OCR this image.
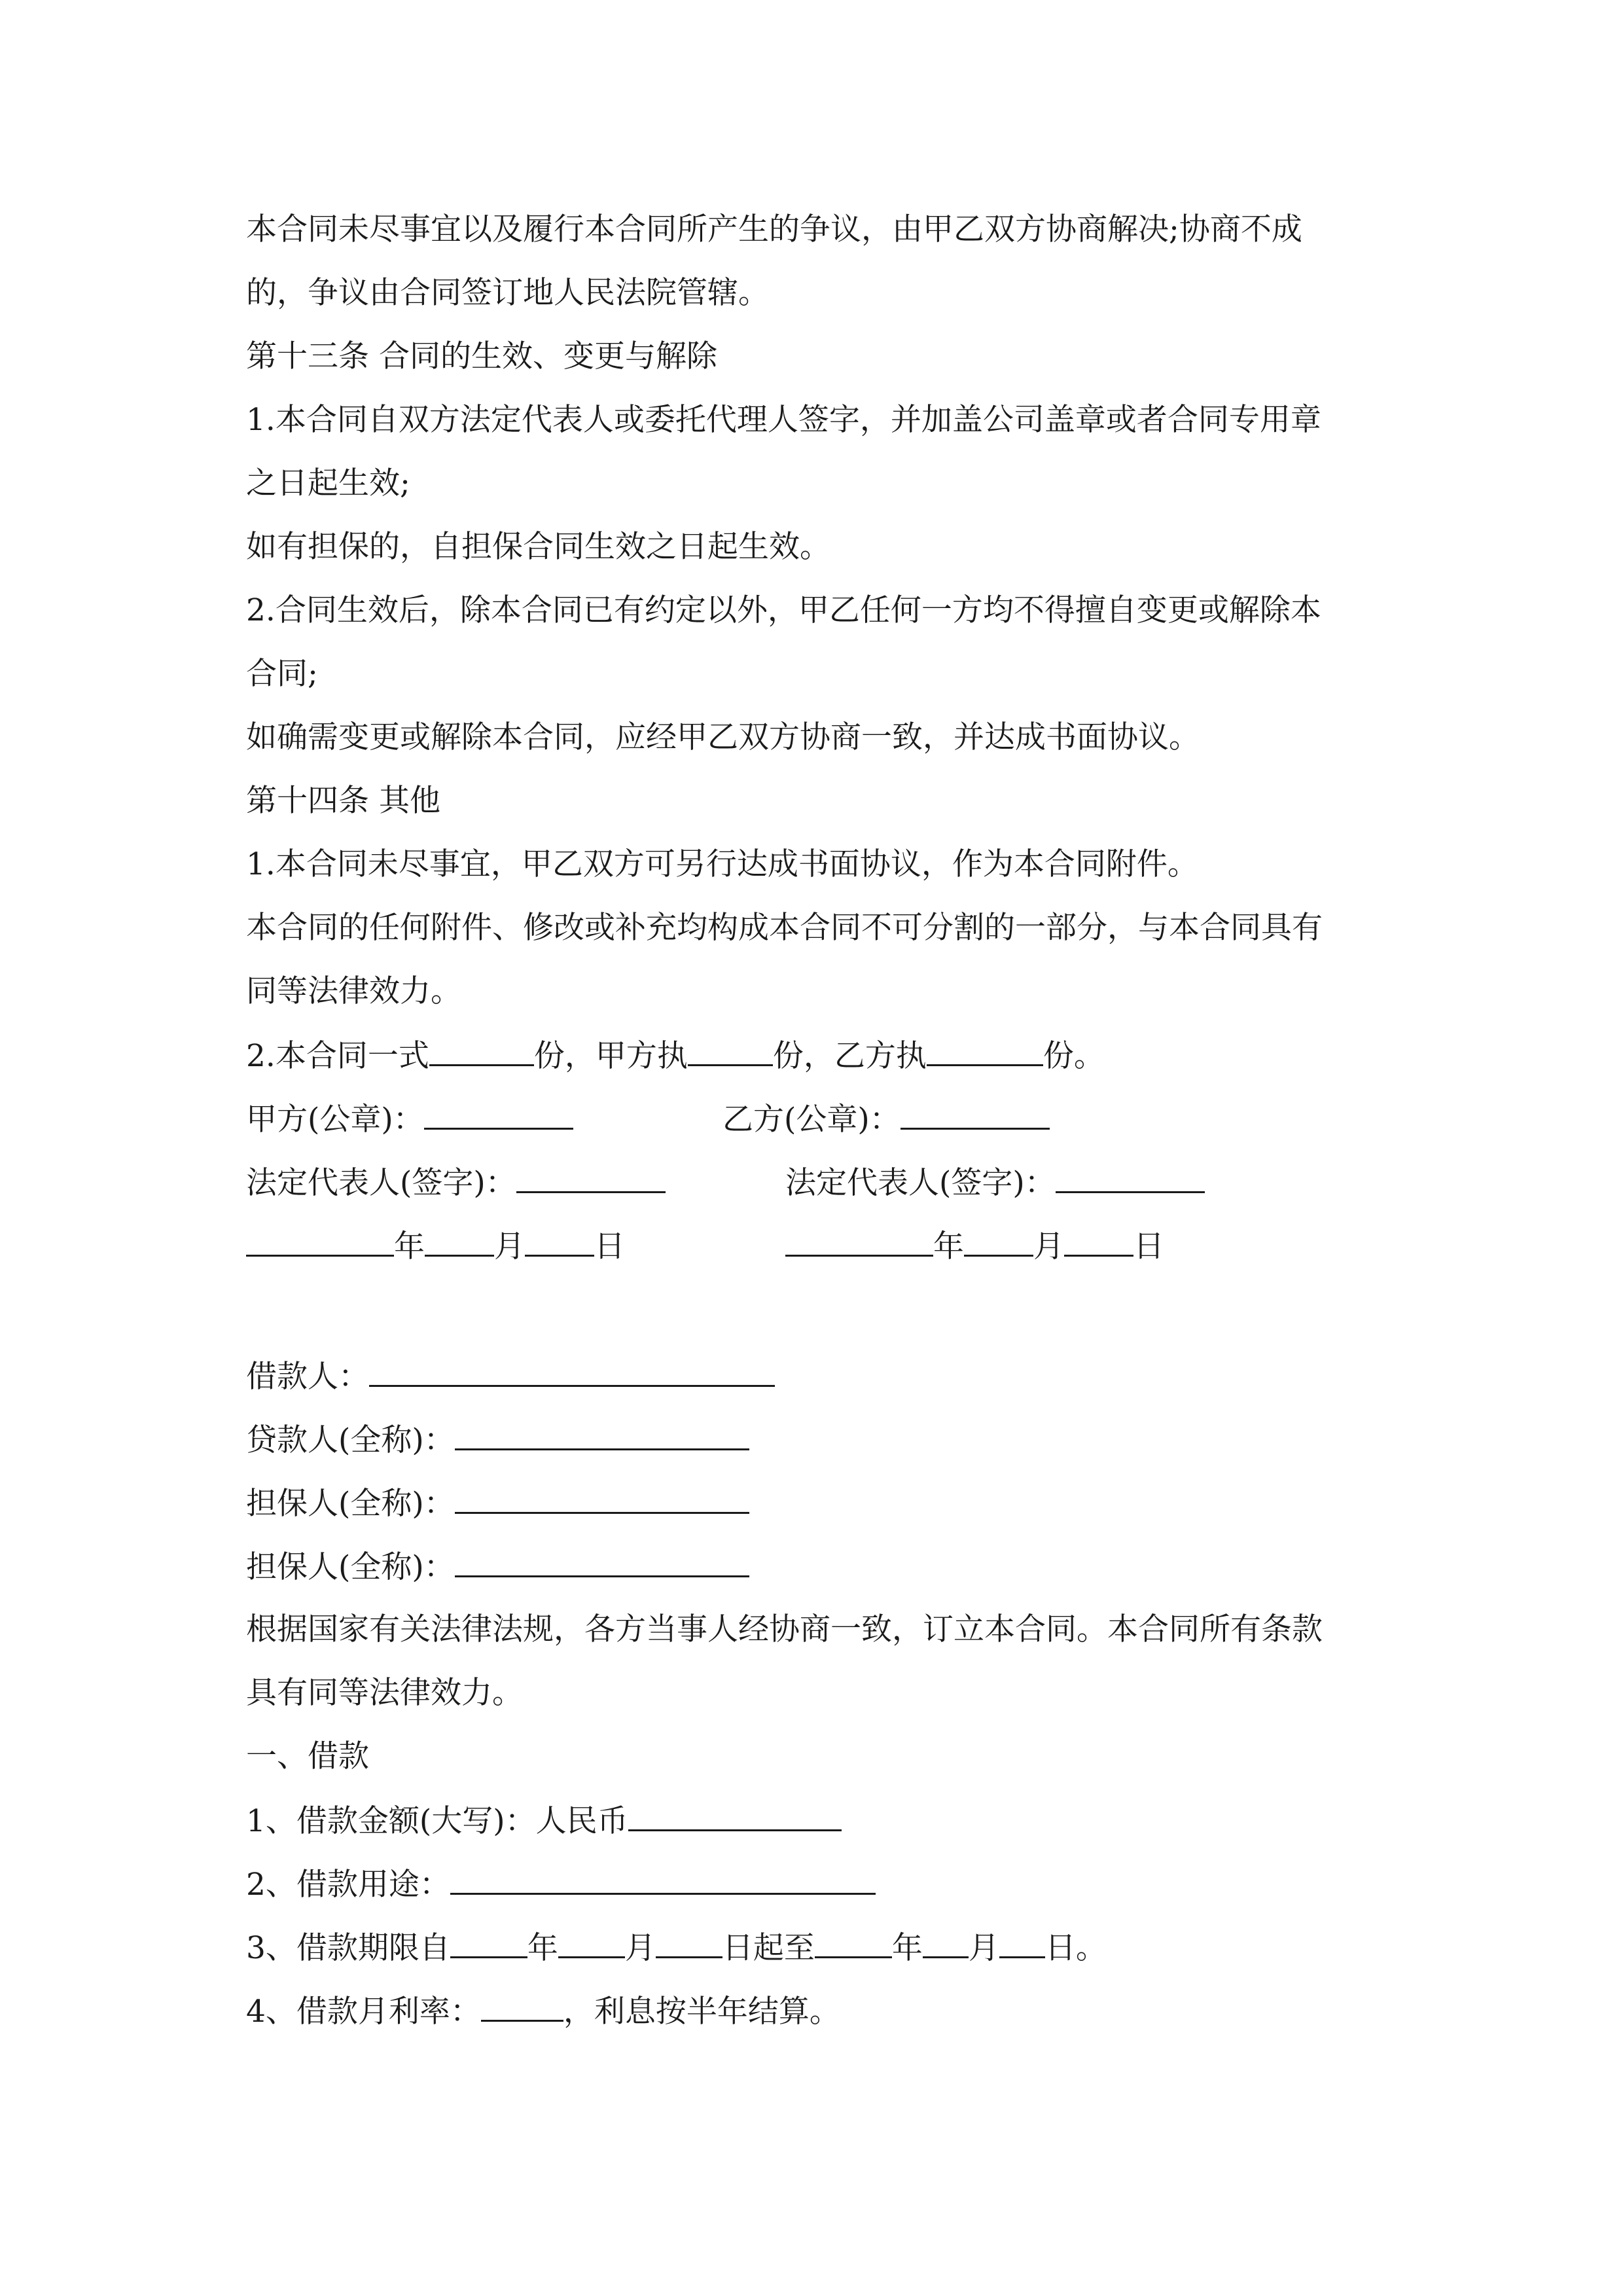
本合同未尽事宜以及履行本合同所产生的争议，由甲乙双方协商解决;协商不成

的，争议由合同签订地人民法院管辖。

第十三条 合同的生效、变更与解除

1.本合同自双方法定代表人或委托代理人签字，并加盖公司盖章或者合同专用章

之日起生效;

如有担保的，自担保合同生效之日起生效。

2.合同生效后，除本合同已有约定以外，甲乙任何一方均不得擅自变更或解除本

合同;

如确需变更或解除本合同，应经甲乙双方协商一致，并达成书面协议。

第十四条 其他

1.本合同未尽事宜，甲乙双方可另行达成书面协议，作为本合同附件。

本合同的任何附件、修改或补充均构成本合同不可分割的一部分，与本合同具有

同等法律效力。

2.本合同一式	份，甲方执	份，乙方执	份。

甲方(公章)：	乙方(公章)：

法定代表人(签字)：	法定代表人(签字)：

年 月 日	年 月 日

借款人：

贷款人(全称)：

担保人(全称)：

担保人(全称)：

根据国家有关法律法规，各方当事人经协商一致，订立本合同。本合同所有条款

具有同等法律效力。

一、借款

1、借款金额(大写)：人民币

2、借款用途：

3、借款期限自	年 月 日起至	年 月 日。

4、借款月利率：	，利息按半年结算。
